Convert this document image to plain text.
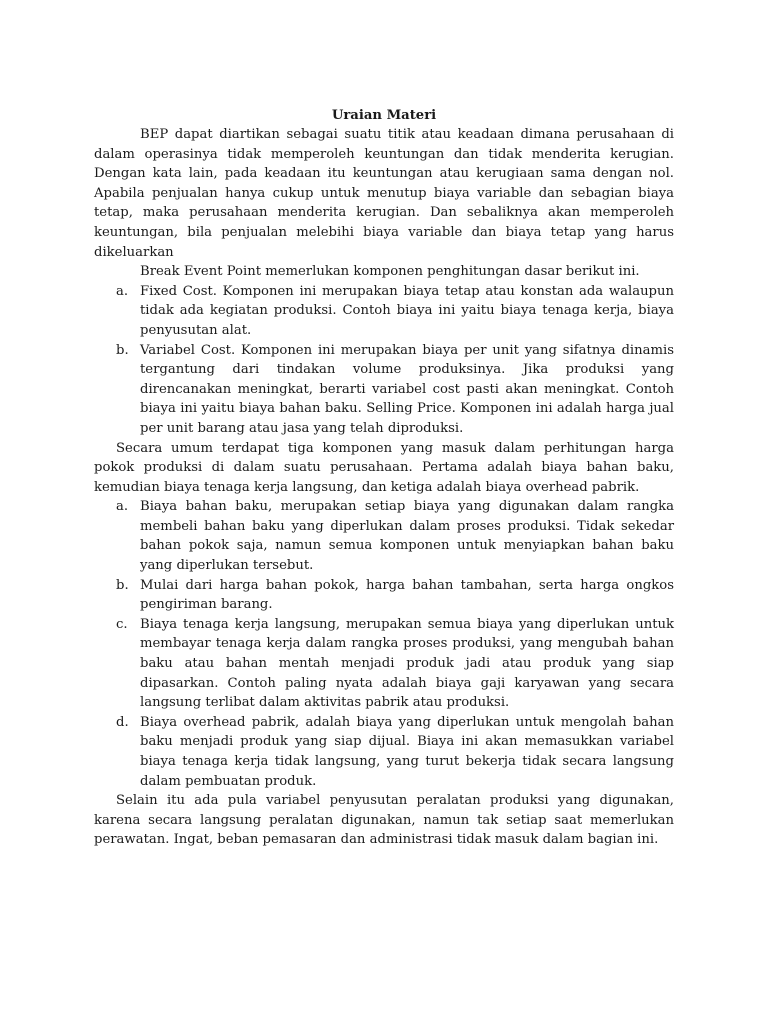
Uraian Materi

BEP dapat diartikan sebagai suatu titik atau keadaan dimana perusahaan di dalam operasinya tidak memperoleh keuntungan dan tidak menderita kerugian. Dengan kata lain, pada keadaan itu keuntungan atau kerugiaan sama dengan nol. Apabila penjualan hanya cukup untuk menutup biaya variable dan sebagian biaya tetap, maka perusahaan menderita kerugian. Dan sebaliknya akan memperoleh keuntungan, bila penjualan melebihi biaya variable dan biaya tetap yang harus dikeluarkan

Break Event Point memerlukan komponen penghitungan dasar berikut ini.

a. Fixed Cost. Komponen ini merupakan biaya tetap atau konstan ada walaupun tidak ada kegiatan produksi. Contoh biaya ini yaitu biaya tenaga kerja, biaya penyusutan alat.
b. Variabel Cost. Komponen ini merupakan biaya per unit yang sifatnya dinamis tergantung dari tindakan volume produksinya. Jika produksi yang direncanakan meningkat, berarti variabel cost pasti akan meningkat. Contoh biaya ini yaitu biaya bahan baku. Selling Price. Komponen ini adalah harga jual per unit barang atau jasa yang telah diproduksi.

Secara umum terdapat tiga komponen yang masuk dalam perhitungan harga pokok produksi di dalam suatu perusahaan. Pertama adalah biaya bahan baku, kemudian biaya tenaga kerja langsung, dan ketiga adalah biaya overhead pabrik.

a. Biaya bahan baku, merupakan setiap biaya yang digunakan dalam rangka membeli bahan baku yang diperlukan dalam proses produksi. Tidak sekedar bahan pokok saja, namun semua komponen untuk menyiapkan bahan baku yang diperlukan tersebut.
b. Mulai dari harga bahan pokok, harga bahan tambahan, serta harga ongkos pengiriman barang.
c. Biaya tenaga kerja langsung, merupakan semua biaya yang diperlukan untuk membayar tenaga kerja dalam rangka proses produksi, yang mengubah bahan baku atau bahan mentah menjadi produk jadi atau produk yang siap dipasarkan. Contoh paling nyata adalah biaya gaji karyawan yang secara langsung terlibat dalam aktivitas pabrik atau produksi.
d. Biaya overhead pabrik, adalah biaya yang diperlukan untuk mengolah bahan baku menjadi produk yang siap dijual. Biaya ini akan memasukkan variabel biaya tenaga kerja tidak langsung, yang turut bekerja tidak secara langsung dalam pembuatan produk.

Selain itu ada pula variabel penyusutan peralatan produksi yang digunakan, karena secara langsung peralatan digunakan, namun tak setiap saat memerlukan perawatan. Ingat, beban pemasaran dan administrasi tidak masuk dalam bagian ini.
